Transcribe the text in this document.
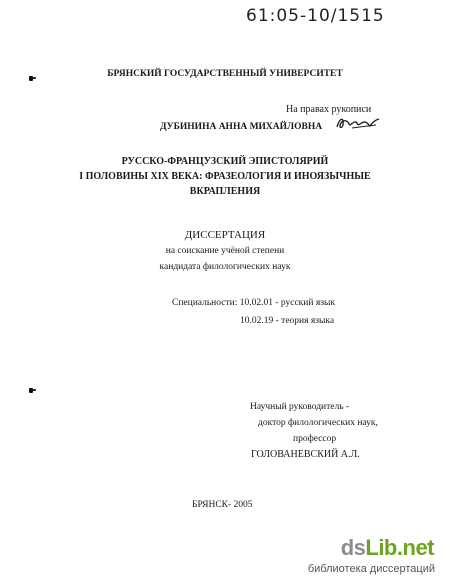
61:05-10/1515
БРЯНСКИЙ ГОСУДАРСТВЕННЫЙ УНИВЕРСИТЕТ
На правах рукописи
ДУБИНИНА АННА МИХАЙЛОВНА
РУССКО-ФРАНЦУЗСКИЙ ЭПИСТОЛЯРИЙ
I ПОЛОВИНЫ XIX ВЕКА: ФРАЗЕОЛОГИЯ И ИНОЯЗЫЧНЫЕ
ВКРАПЛЕНИЯ
ДИССЕРТАЦИЯ
на соискание учёной степени
кандидата филологических наук
Специальности: 10.02.01 - русский язык
10.02.19 - теория языка
Научный руководитель -
доктор филологических наук,
профессор
ГОЛОВАНЕВСКИЙ А.Л.
БРЯНСК- 2005
dsLib.net
библиотека диссертаций
